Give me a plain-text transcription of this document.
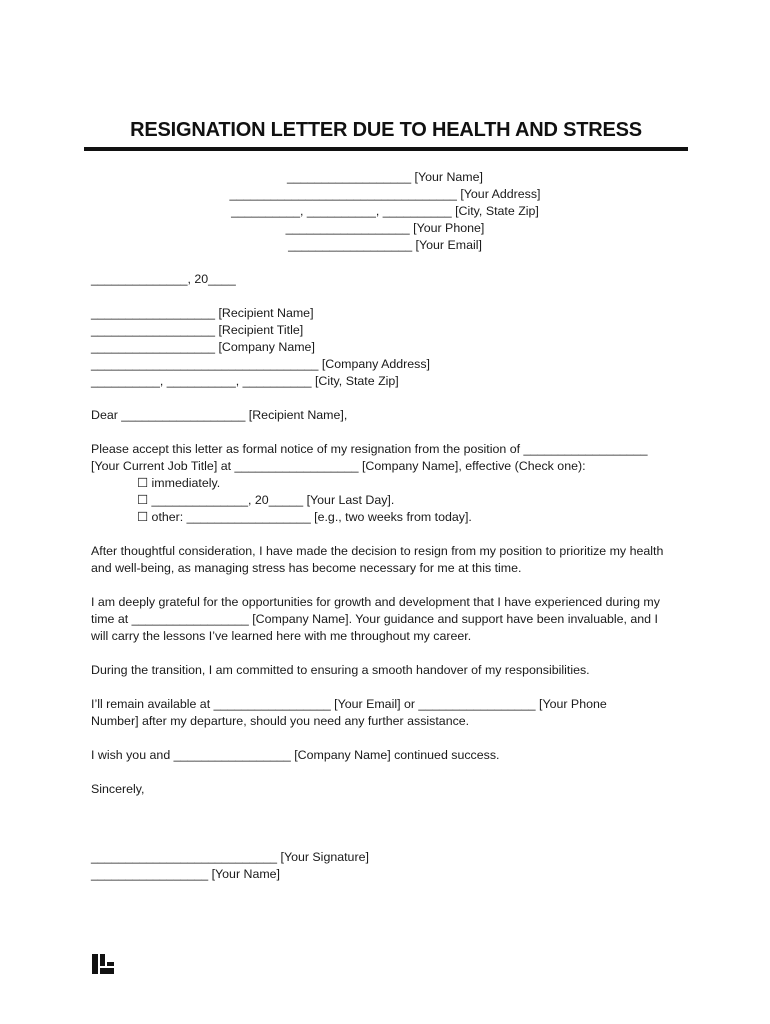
RESIGNATION LETTER DUE TO HEALTH AND STRESS
__________________ [Your Name]
_________________________________ [Your Address]
__________, __________, __________ [City, State Zip]
__________________ [Your Phone]
__________________ [Your Email]
______________, 20____
__________________ [Recipient Name]
__________________ [Recipient Title]
__________________ [Company Name]
_________________________________ [Company Address]
__________, __________, __________ [City, State Zip]
Dear __________________ [Recipient Name],
Please accept this letter as formal notice of my resignation from the position of __________________
[Your Current Job Title] at __________________ [Company Name], effective (Check one):
☐ immediately.
☐ ______________, 20_____ [Your Last Day].
☐ other: __________________ [e.g., two weeks from today].
After thoughtful consideration, I have made the decision to resign from my position to prioritize my health
and well-being, as managing stress has become necessary for me at this time.
I am deeply grateful for the opportunities for growth and development that I have experienced during my
time at _________________ [Company Name]. Your guidance and support have been invaluable, and I
will carry the lessons I’ve learned here with me throughout my career.
During the transition, I am committed to ensuring a smooth handover of my responsibilities.
I’ll remain available at _________________ [Your Email] or _________________ [Your Phone
Number] after my departure, should you need any further assistance.
I wish you and _________________ [Company Name] continued success.
Sincerely,
___________________________ [Your Signature]
_________________ [Your Name]
